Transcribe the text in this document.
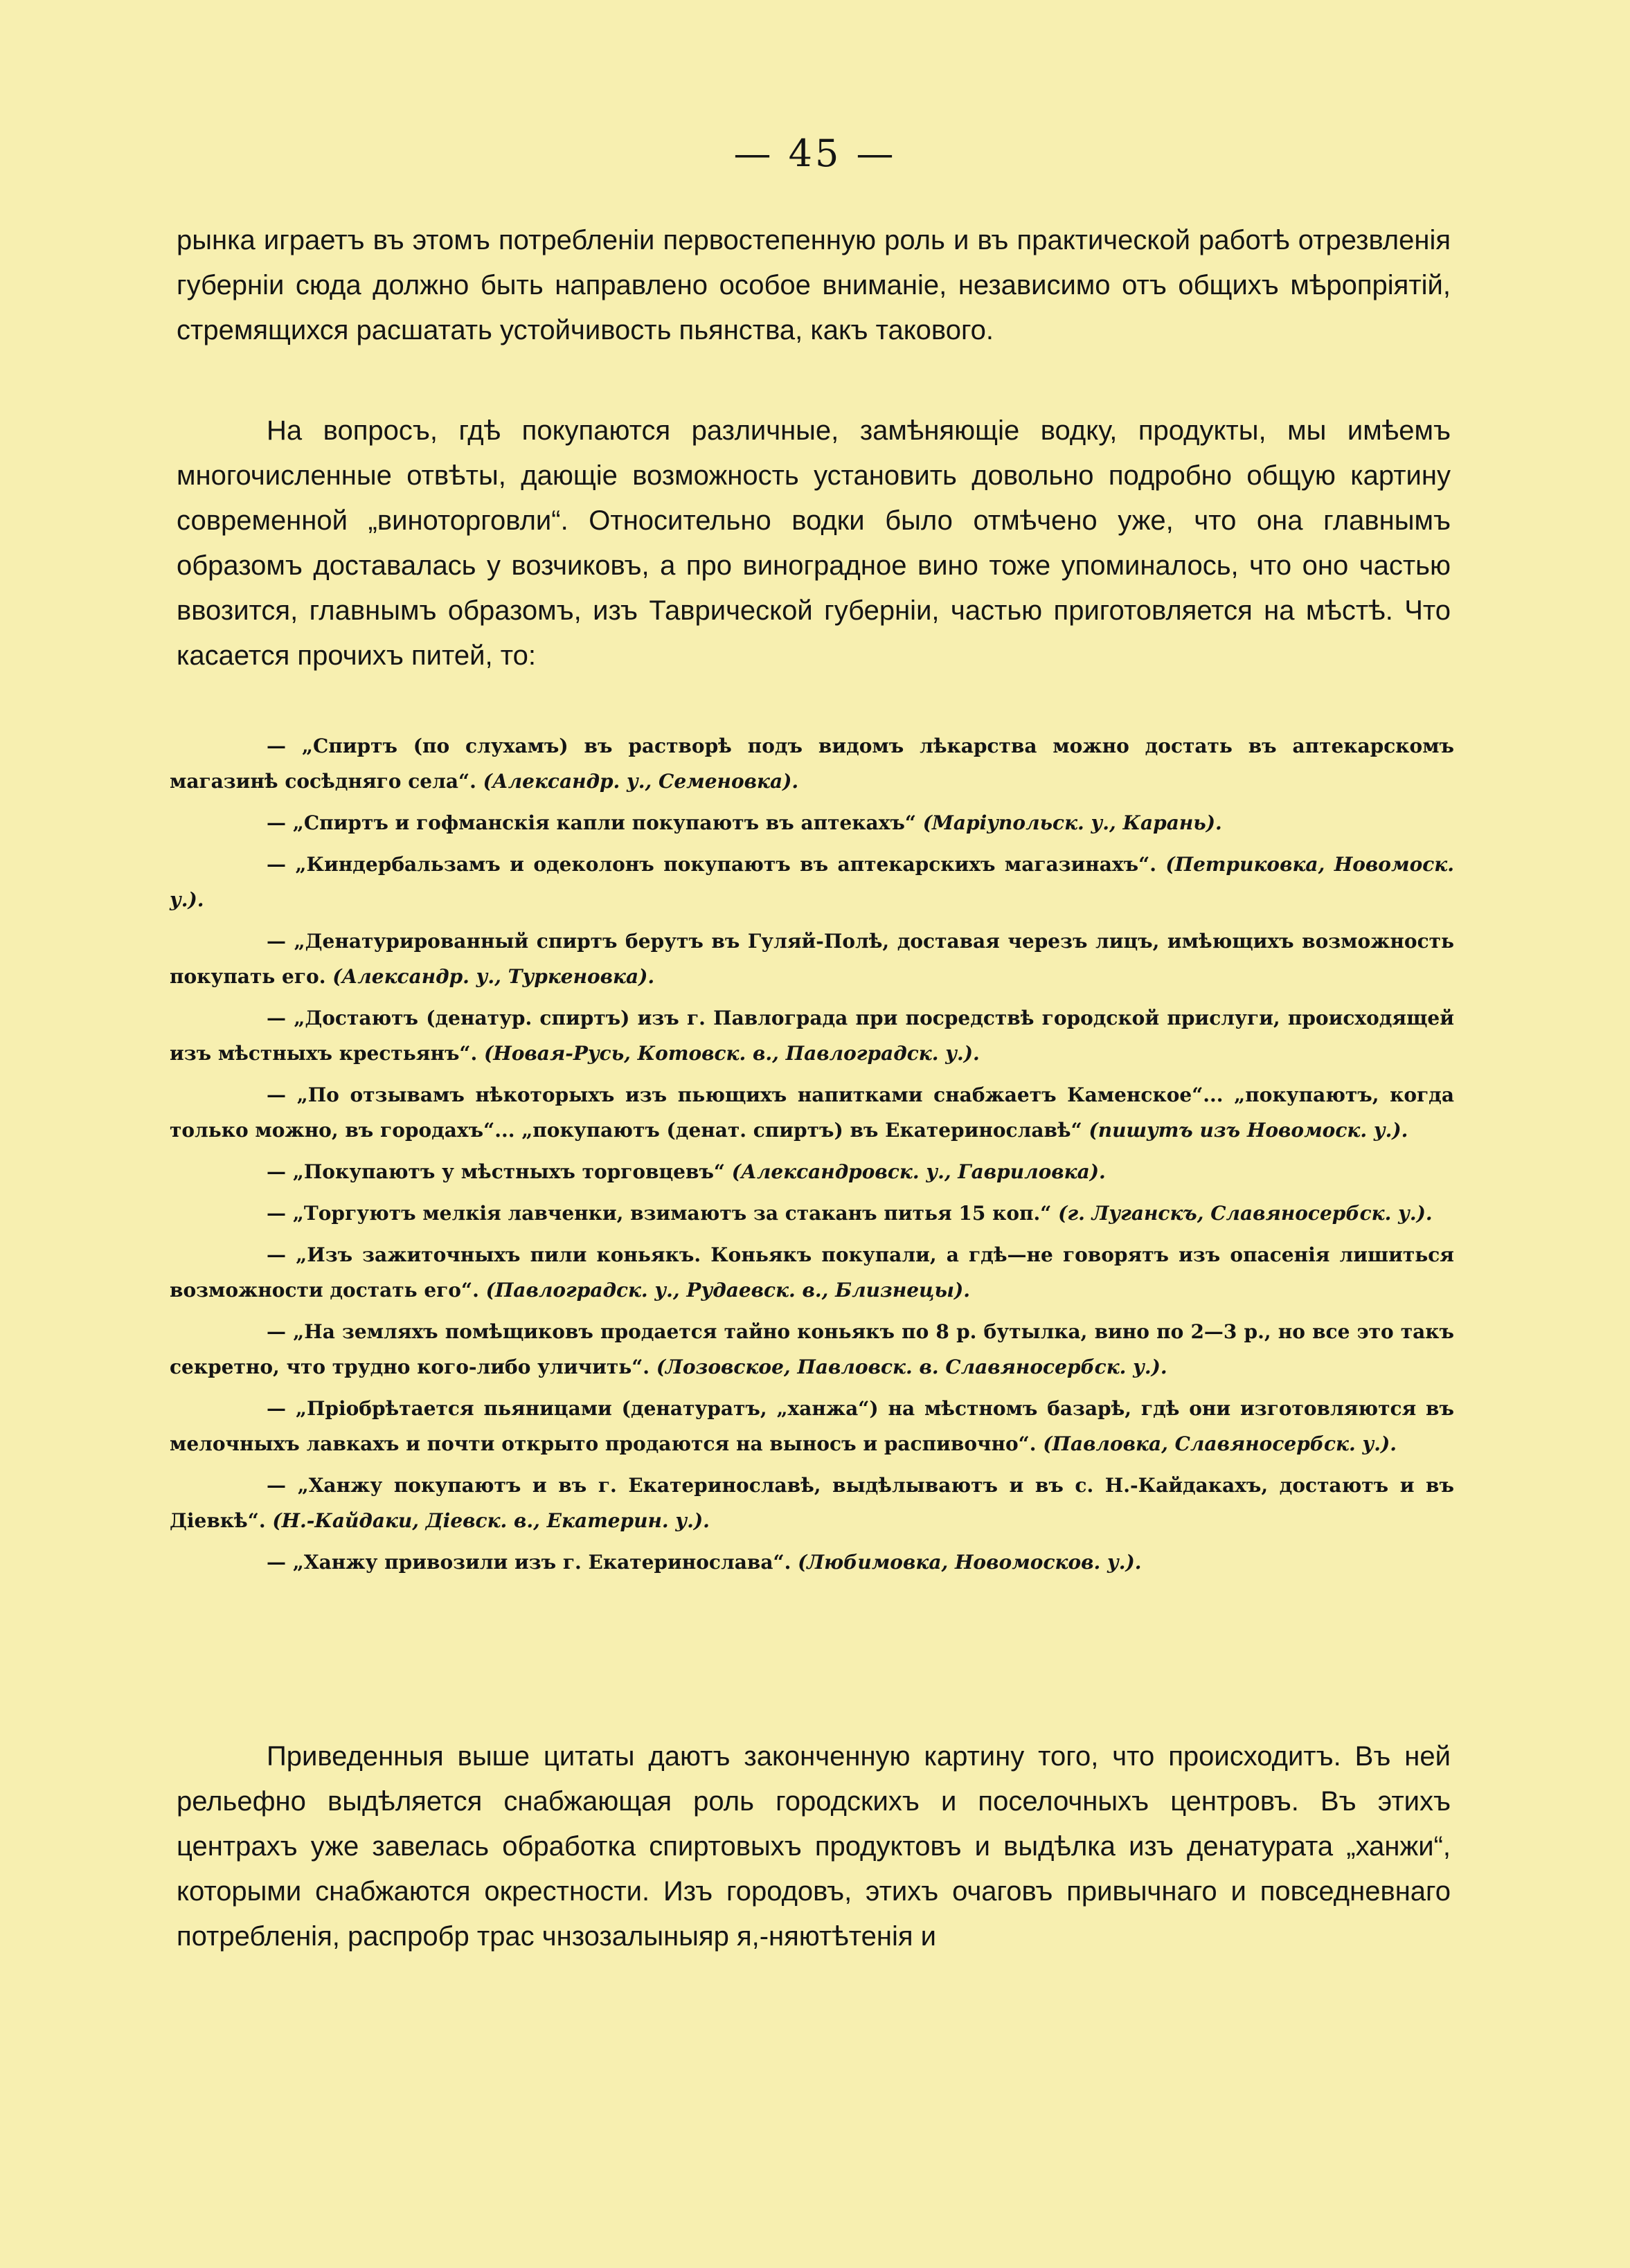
— 45 —

рынка играетъ въ этомъ потребленіи первостепенную роль и въ практической работѣ отрезвленія губерніи сюда должно быть направлено особое вниманіе, независимо отъ общихъ мѣропріятій, стремящихся расшатать устойчивость пьянства, какъ такового.

На вопросъ, гдѣ покупаются различные, замѣняющіе водку, продукты, мы имѣемъ многочисленные отвѣты, дающіе возможность установить довольно подробно общую картину современной „виноторговли“. Относительно водки было отмѣчено уже, что она главнымъ образомъ доставалась у возчиковъ, а про виноградное вино тоже упоминалось, что оно частью ввозится, главнымъ образомъ, изъ Таврической губерніи, частью приготовляется на мѣстѣ. Что касается прочихъ питей, то:

— „Спиртъ (по слухамъ) въ растворѣ подъ видомъ лѣкарства можно достать въ аптекарскомъ магазинѣ сосѣдняго села“. (Александр. у., Семеновка).

— „Спиртъ и гофманскія капли покупаютъ въ аптекахъ“ (Маріупольск. у., Карань).

— „Киндербальзамъ и одеколонъ покупаютъ въ аптекарскихъ магазинахъ“. (Петриковка, Новомоск. у.).

— „Денатурированный спиртъ берутъ въ Гуляй-Полѣ, доставая черезъ лицъ, имѣющихъ возможность покупать его. (Александр. у., Туркеновка).

— „Достаютъ (денатур. спиртъ) изъ г. Павлограда при посредствѣ городской прислуги, происходящей изъ мѣстныхъ крестьянъ“. (Новая-Русь, Котовск. в., Павлоградск. у.).

— „По отзывамъ нѣкоторыхъ изъ пьющихъ напитками снабжаетъ Каменское“... „покупаютъ, когда только можно, въ городахъ“... „покупаютъ (денат. спиртъ) въ Екатеринославѣ“ (пишутъ изъ Новомоск. у.).

— „Покупаютъ у мѣстныхъ торговцевъ“ (Александровск. у., Гавриловка).

— „Торгуютъ мелкія лавченки, взимаютъ за стаканъ питья 15 коп.“ (г. Луганскъ, Славяносербск. у.).

— „Изъ зажиточныхъ пили коньякъ. Коньякъ покупали, а гдѣ—не говорятъ изъ опасенія лишиться возможности достать его“. (Павлоградск. у., Рудаевск. в., Близнецы).

— „На земляхъ помѣщиковъ продается тайно коньякъ по 8 р. бутылка, вино по 2—3 р., но все это такъ секретно, что трудно кого-либо уличить“. (Лозовское, Павловск. в. Славяносербск. у.).

— „Пріобрѣтается пьяницами (денатуратъ, „ханжа“) на мѣстномъ базарѣ, гдѣ они изготовляются въ мелочныхъ лавкахъ и почти открыто продаются на выносъ и распивочно“. (Павловка, Славяносербск. у.).

— „Ханжу покупаютъ и въ г. Екатеринославѣ, выдѣлываютъ и въ с. Н.-Кайдакахъ, достаютъ и въ Діевкѣ“. (Н.-Кайдаки, Діевск. в., Екатерин. у.).

— „Ханжу привозили изъ г. Екатеринослава“. (Любимовка, Новомосков. у.).

Приведенныя выше цитаты даютъ законченную картину того, что происходитъ. Въ ней рельефно выдѣляется снабжающая роль городскихъ и поселочныхъ центровъ. Въ этихъ центрахъ уже завелась обработка спиртовыхъ продуктовъ и выдѣлка изъ денатурата „ханжи“, которыми снабжаются окрестности. Изъ городовъ, этихъ очаговъ привычнаго и повседневнаго потребленія, распробр трас чнзозалыныяр я,-няютѣтенія и
